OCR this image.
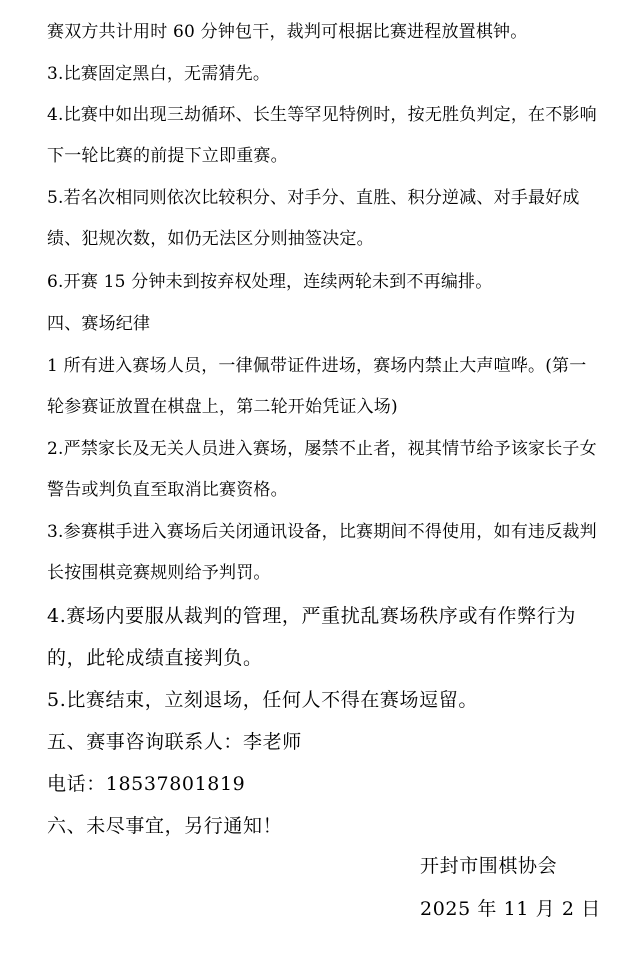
赛双方共计用时 60 分钟包干，裁判可根据比赛进程放置棋钟。

3.比赛固定黑白，无需猜先。

4.比赛中如出现三劫循环、长生等罕见特例时，按无胜负判定，在不影响下一轮比赛的前提下立即重赛。

5.若名次相同则依次比较积分、对手分、直胜、积分逆减、对手最好成绩、犯规次数，如仍无法区分则抽签决定。

6.开赛 15 分钟未到按弃权处理，连续两轮未到不再编排。

四、赛场纪律

1 所有进入赛场人员，一律佩带证件进场，赛场内禁止大声喧哗。(第一轮参赛证放置在棋盘上，第二轮开始凭证入场)

2.严禁家长及无关人员进入赛场，屡禁不止者，视其情节给予该家长子女警告或判负直至取消比赛资格。

3.参赛棋手进入赛场后关闭通讯设备，比赛期间不得使用，如有违反裁判长按围棋竞赛规则给予判罚。

4.赛场内要服从裁判的管理，严重扰乱赛场秩序或有作弊行为的，此轮成绩直接判负。

5.比赛结束，立刻退场，任何人不得在赛场逗留。

五、赛事咨询联系人：李老师

电话：18537801819

六、未尽事宜，另行通知！

开封市围棋协会

2025 年 11 月 2 日
